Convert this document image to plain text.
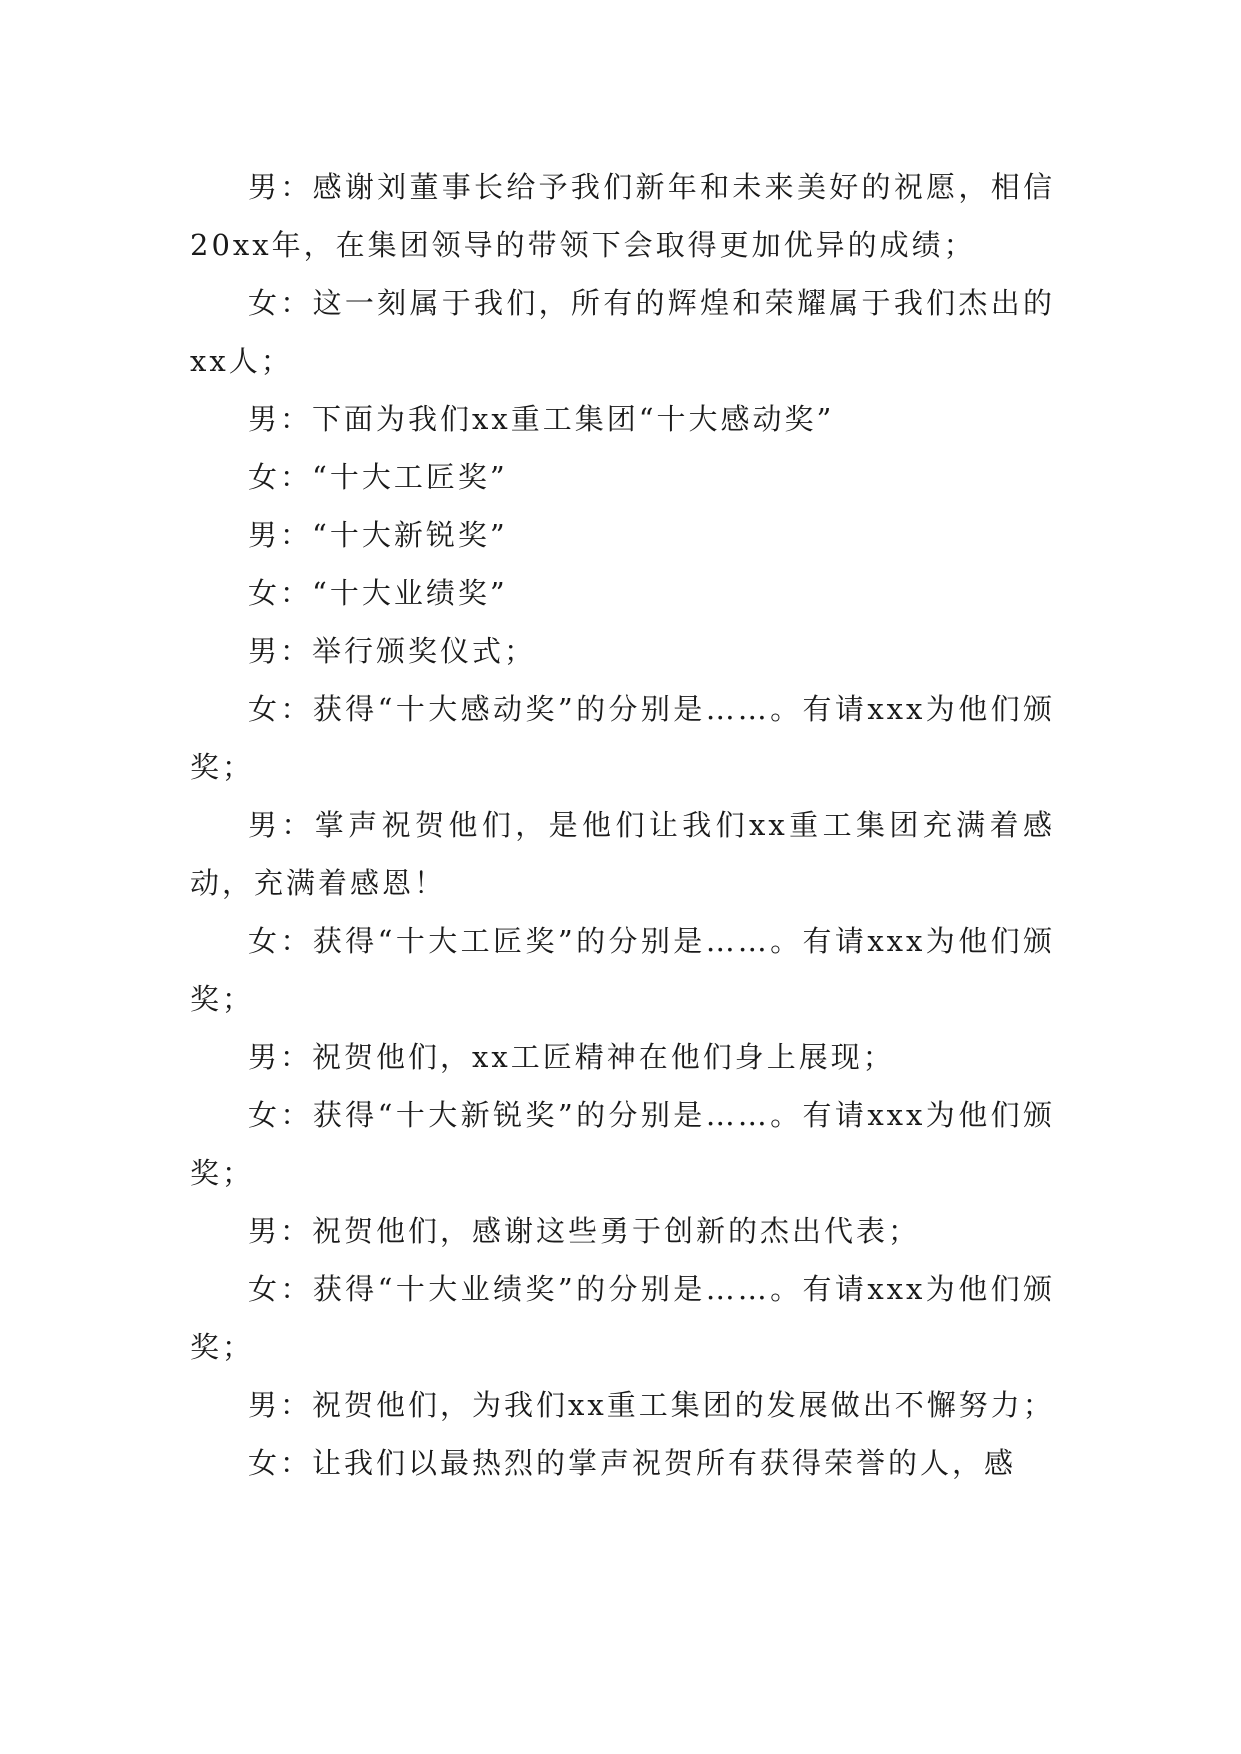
男：感谢刘董事长给予我们新年和未来美好的祝愿，相信20xx年，在集团领导的带领下会取得更加优异的成绩；

女：这一刻属于我们，所有的辉煌和荣耀属于我们杰出的xx人；

男：下面为我们xx重工集团“十大感动奖”

女：“十大工匠奖”

男：“十大新锐奖”

女：“十大业绩奖”

男：举行颁奖仪式；

女：获得“十大感动奖”的分别是……。有请xxx为他们颁奖；

男：掌声祝贺他们，是他们让我们xx重工集团充满着感动，充满着感恩！

女：获得“十大工匠奖”的分别是……。有请xxx为他们颁奖；

男：祝贺他们，xx工匠精神在他们身上展现；

女：获得“十大新锐奖”的分别是……。有请xxx为他们颁奖；

男：祝贺他们，感谢这些勇于创新的杰出代表；

女：获得“十大业绩奖”的分别是……。有请xxx为他们颁奖；

男：祝贺他们，为我们xx重工集团的发展做出不懈努力；

女：让我们以最热烈的掌声祝贺所有获得荣誉的人，感
